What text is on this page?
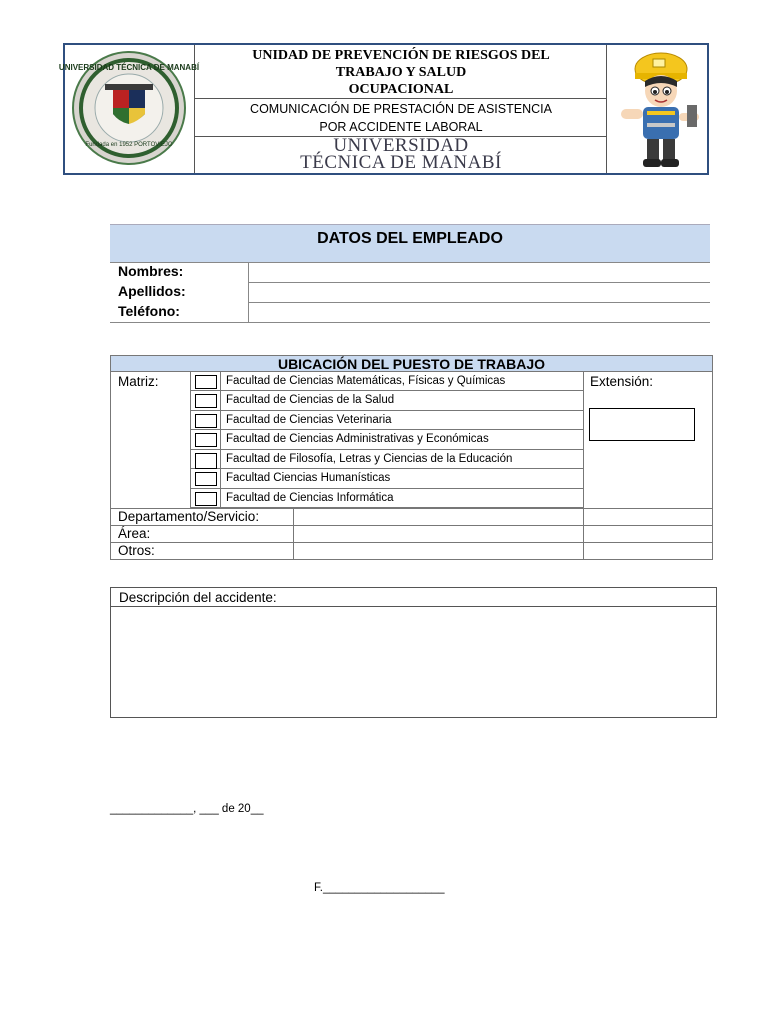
UNIVERSIDAD TÉCNICA DE MANABÍ
Fundada en 1952 PORTOVIEJO
UNIDAD DE PREVENCIÓN DE RIESGOS DEL
TRABAJO Y SALUD
OCUPACIONAL
COMUNICACIÓN DE PRESTACIÓN DE ASISTENCIA
POR ACCIDENTE LABORAL
UNIVERSIDAD
TÉCNICA DE MANABÍ
DATOS DEL EMPLEADO
Nombres:
Apellidos:
Teléfono:
UBICACIÓN DEL PUESTO DE TRABAJO
Matriz:	Extensión:
Facultad de Ciencias Matemáticas, Físicas y Químicas
Facultad de Ciencias de la Salud
Facultad de Ciencias Veterinaria
Facultad de Ciencias Administrativas y Económicas
Facultad de Filosofía, Letras y Ciencias de la Educación
Facultad Ciencias Humanísticas
Facultad de Ciencias Informática
Departamento/Servicio:
Área:
Otros:
Descripción del accidente:
_____________, ___ de 20__
F.___________________
